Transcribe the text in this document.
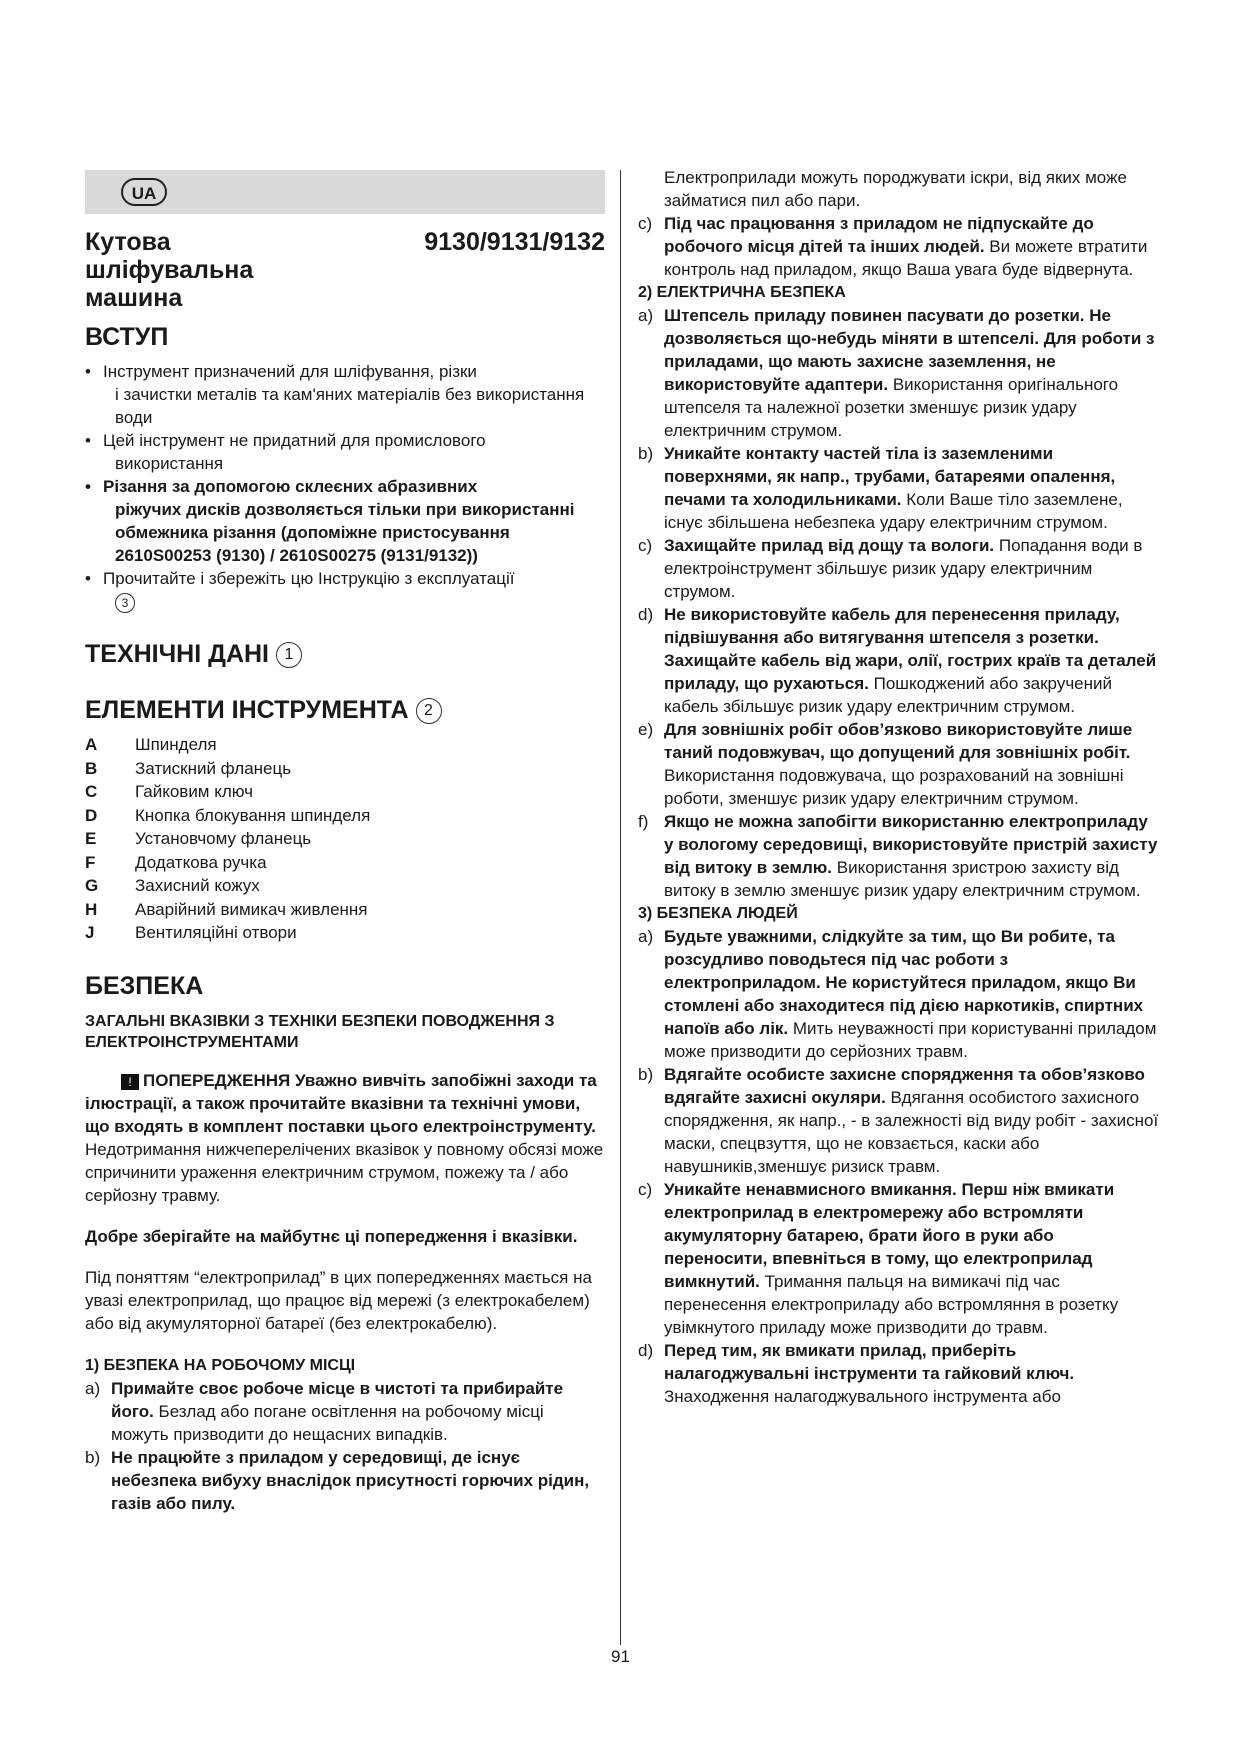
UA
Кутова
шліфувальна
машина
9130/9131/9132
ВСТУП
• Інструмент призначений для шліфування, різки
і зачистки металів та кам'яних матеріалів без використання води
• Цей інструмент не придатний для промислового
використання
• Різання за допомогою склеєних абразивних
ріжучих дисків дозволяється тільки при використанні обмежника різання (допоміжне пристосування 2610S00253 (9130) / 2610S00275 (9131/9132))
• Прочитайте і збережіть цю Інструкцію з експлуатації
3
ТЕХНІЧНІ ДАНІ 1
ЕЛЕМЕНТИ ІНСТРУМЕНТА 2
A	Шпинделя
B	Затискний фланець
C	Гайковим ключ
D	Кнопка блокування шпинделя
E	Установчому фланець
F	Додаткова ручка
G	Захисний кожух
H	Аварійний вимикач живлення
J	Вентиляційні отвори
БЕЗПЕКА
ЗАГАЛЬНІ ВКАЗІВКИ З ТЕХНІКИ БЕЗПЕКИ ПОВОДЖЕННЯ З ЕЛЕКТРОІНСТРУМЕНТАМИ
! ПОПЕРЕДЖЕННЯ Уважно вивчіть запобіжні заходи та ілюстрації, а також прочитайте вказівни та технічні умови, що входять в комплент поставки цього електроінструменту. Недотримання нижчеперелічених вказівок у повному обсязі може спричинити ураження електричним струмом, пожежу та / або серйозну травму.
Добре зберігайте на майбутнє ці попередження і вказівки.
Під поняттям “електроприлад” в цих попередженнях мається на увазі електроприлад, що працює від мережі (з електрокабелем) або від акумуляторної батареї (без електрокабелю).
1) БЕЗПЕКА НА РОБОЧОМУ МІСЦІ
a) Примайте своє робоче місце в чистоті та прибирайте його. Безлад або погане освітлення на робочому місці можуть призводити до нещасних випадків.
b) Не працюйте з приладом у середовищі, де існує небезпека вибуху внаслідок присутності горючих рідин, газів або пилу.
Електроприлади можуть породжувати іскри, від яких може займатися пил або пари.
c) Під час працювання з приладом не підпускайте до робочого місця дітей та інших людей. Ви можете втратити контроль над приладом, якщо Ваша увага буде відвернута.
2) ЕЛЕКТРИЧНА БЕЗПЕКА
a) Штепсель приладу повинен пасувати до розетки. Не дозволяється що-небудь міняти в штепселі. Для роботи з приладами, що мають захисне заземлення, не використовуйте адаптери. Використання оригінального штепселя та належної розетки зменшує ризик удару електричним струмом.
b) Уникайте контакту частей тіла із заземленими поверхнями, як напр., трубами, батареями опалення, печами та холодильниками. Коли Ваше тіло заземлене, існує збільшена небезпека удару електричним струмом.
c) Захищайте прилад від дощу та вологи. Попадання води в електроінструмент збільшує ризик удару електричним струмом.
d) Не використовуйте кабель для перенесення приладу, підвішування або витягування штепселя з розетки. Захищайте кабель від жари, олії, гострих країв та деталей приладу, що рухаються. Пошкоджений або закручений кабель збільшує ризик удару електричним струмом.
e) Для зовнішніх робіт обов’язково використовуйте лише таний подовжувач, що допущений для зовнішніх робіт. Використання подовжувача, що розрахований на зовнішні роботи, зменшує ризик удару електричним струмом.
f) Якщо не можна запобігти використанню електроприладу у вологому середовищі, використовуйте пристрій захисту від витоку в землю. Використання зристрою захисту від витоку в землю зменшує ризик удару електричним струмом.
3) БЕЗПЕКА ЛЮДЕЙ
a) Будьте уважними, слідкуйте за тим, що Ви робите, та розсудливо поводьтеся під час роботи з електроприладом. Не користуйтеся приладом, якщо Ви стомлені або знаходитеся під дією наркотиків, спиртних напоїв або лік. Мить неуважності при користуванні приладом може призводити до серйозних травм.
b) Вдягайте особисте захисне спорядження та обов’язково вдягайте захисні окуляри. Вдягання особистого захисного спорядження, як напр., - в залежності від виду робіт - захисної маски, спецвзуття, що не ковзається, каски або навушників,зменшує ризиск травм.
c) Уникайте ненавмисного вмикання. Перш ніж вмикати електроприлад в електромережу або встромляти акумуляторну батарею, брати його в руки або переносити, впевніться в тому, що електроприлад вимкнутий. Тримання пальця на вимикачі під час перенесення електроприладу або встромляння в розетку увімкнутого приладу може призводити до травм.
d) Перед тим, як вмикати прилад, приберіть налагоджувальні інструменти та гайковий ключ. Знаходження налагоджувального інструмента або
91
